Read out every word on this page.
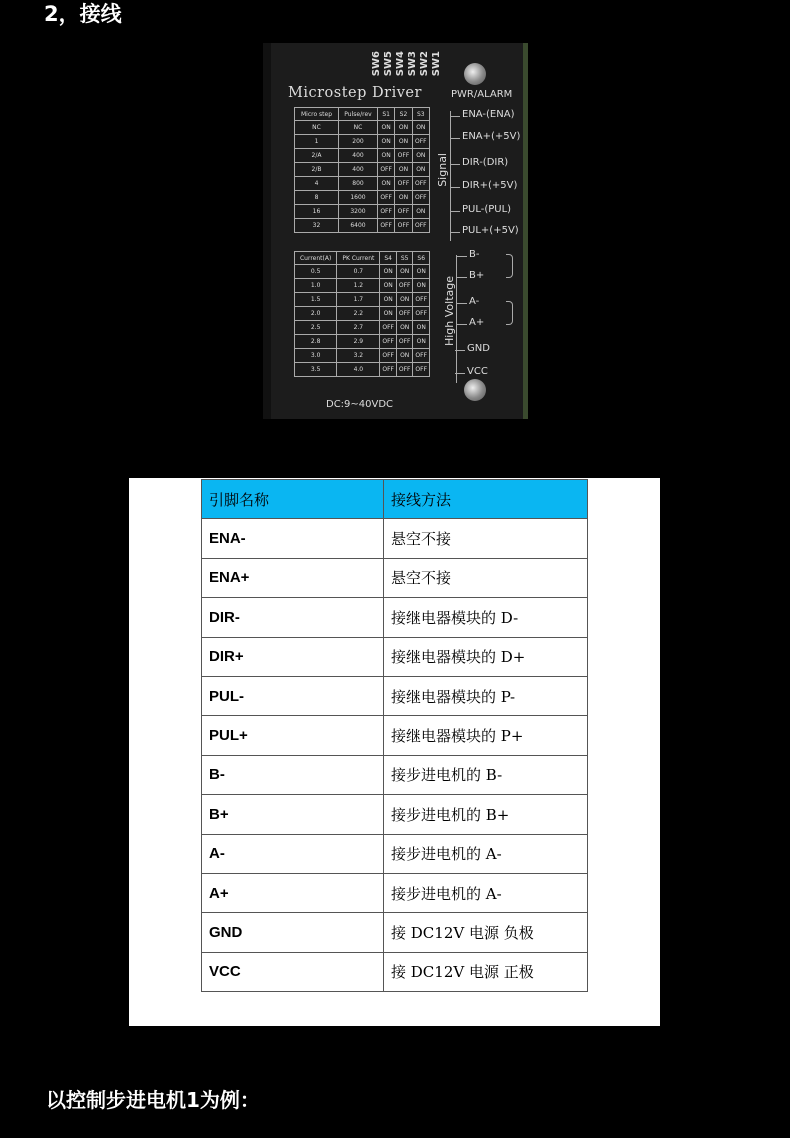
2，接线
SW6 SW5 SW4 SW3 SW2 SW1
PWR/ALARM
Microstep Driver
Micro step	Pulse/rev	S1	S2	S3
NC	NC	ON	ON	ON
1	200	ON	ON	OFF
2/A	400	ON	OFF	ON
2/B	400	OFF	ON	ON
4	800	ON	OFF	OFF
8	1600	OFF	ON	OFF
16	3200	OFF	OFF	ON
32	6400	OFF	OFF	OFF
Current(A)	PK Current	S4	S5	S6
0.5	0.7	ON	ON	ON
1.0	1.2	ON	OFF	ON
1.5	1.7	ON	ON	OFF
2.0	2.2	ON	OFF	OFF
2.5	2.7	OFF	ON	ON
2.8	2.9	OFF	OFF	ON
3.0	3.2	OFF	ON	OFF
3.5	4.0	OFF	OFF	OFF
Signal
ENA-(ENA)
ENA+(+5V)
DIR-(DIR)
DIR+(+5V)
PUL-(PUL)
PUL+(+5V)
High Voltage
B-
B+
A-
A+
GND
VCC
DC:9~40VDC
引脚名称	接线方法
ENA-	悬空不接
ENA+	悬空不接
DIR-	接继电器模块的 D-
DIR+	接继电器模块的 D+
PUL-	接继电器模块的 P-
PUL+	接继电器模块的 P+
B-	接步进电机的 B-
B+	接步进电机的 B+
A-	接步进电机的 A-
A+	接步进电机的 A-
GND	接 DC12V 电源 负极
VCC	接 DC12V 电源 正极
以控制步进电机1为例：
